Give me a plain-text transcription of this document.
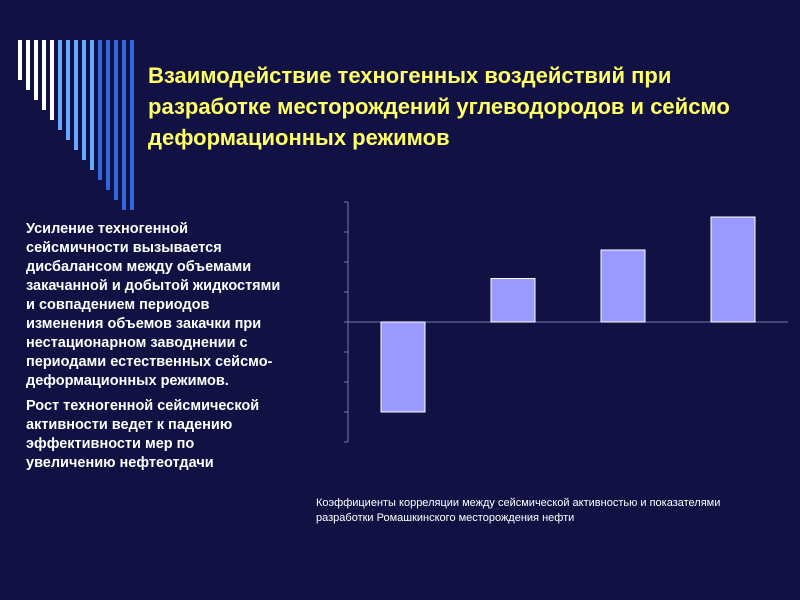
Взаимодействие техногенных воздействий при
разработке месторождений углеводородов и сейсмо
деформационных режимов
Усиление техногенной
сейсмичности вызывается
дисбалансом между объемами
закачанной и добытой жидкостями
и совпадением периодов
изменения объемов закачки при
нестационарном заводнении с
периодами естественных сейсмо-
деформационных режимов.
Рост техногенной сейсмической
активности ведет к падению
эффективности мер по
увеличению нефтеотдачи
Коэффициенты корреляции между сейсмической активностью и показателями
разработки Ромашкинского месторождения нефти
